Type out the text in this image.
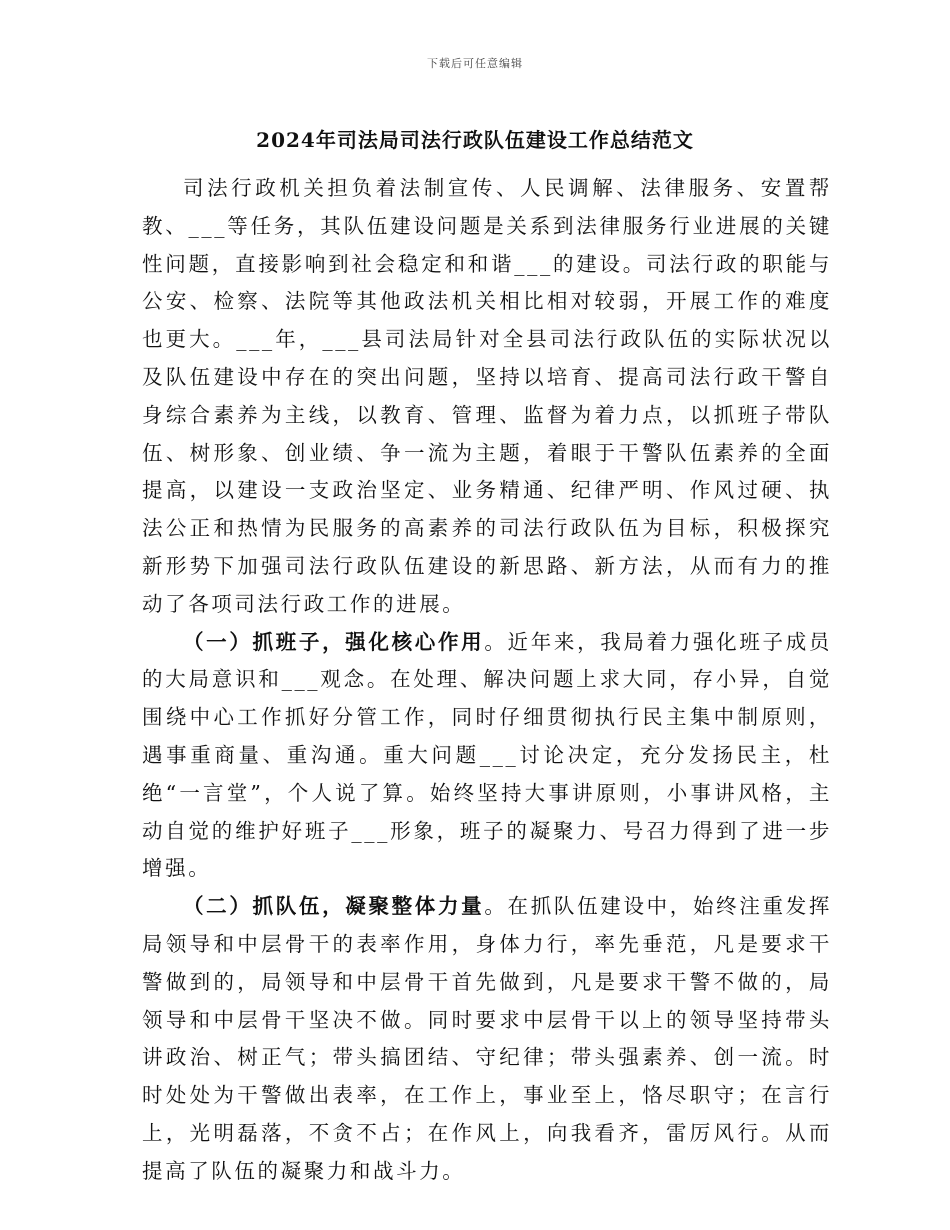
下载后可任意编辑
2024年司法局司法行政队伍建设工作总结范文

司法行政机关担负着法制宣传、人民调解、法律服务、安置帮教、___等任务，其队伍建设问题是关系到法律服务行业进展的关键性问题，直接影响到社会稳定和和谐___的建设。司法行政的职能与公安、检察、法院等其他政法机关相比相对较弱，开展工作的难度也更大。___年，___县司法局针对全县司法行政队伍的实际状况以及队伍建设中存在的突出问题，坚持以培育、提高司法行政干警自身综合素养为主线，以教育、管理、监督为着力点，以抓班子带队伍、树形象、创业绩、争一流为主题，着眼于干警队伍素养的全面提高，以建设一支政治坚定、业务精通、纪律严明、作风过硬、执法公正和热情为民服务的高素养的司法行政队伍为目标，积极探究新形势下加强司法行政队伍建设的新思路、新方法，从而有力的推动了各项司法行政工作的进展。

（一）抓班子，强化核心作用。近年来，我局着力强化班子成员的大局意识和___观念。在处理、解决问题上求大同，存小异，自觉围绕中心工作抓好分管工作，同时仔细贯彻执行民主集中制原则，遇事重商量、重沟通。重大问题___讨论决定，充分发扬民主，杜绝“一言堂”，个人说了算。始终坚持大事讲原则，小事讲风格，主动自觉的维护好班子___形象，班子的凝聚力、号召力得到了进一步增强。

（二）抓队伍，凝聚整体力量。在抓队伍建设中，始终注重发挥局领导和中层骨干的表率作用，身体力行，率先垂范，凡是要求干警做到的，局领导和中层骨干首先做到，凡是要求干警不做的，局领导和中层骨干坚决不做。同时要求中层骨干以上的领导坚持带头讲政治、树正气；带头搞团结、守纪律；带头强素养、创一流。时时处处为干警做出表率，在工作上，事业至上，恪尽职守；在言行上，光明磊落，不贪不占；在作风上，向我看齐，雷厉风行。从而提高了队伍的凝聚力和战斗力。
